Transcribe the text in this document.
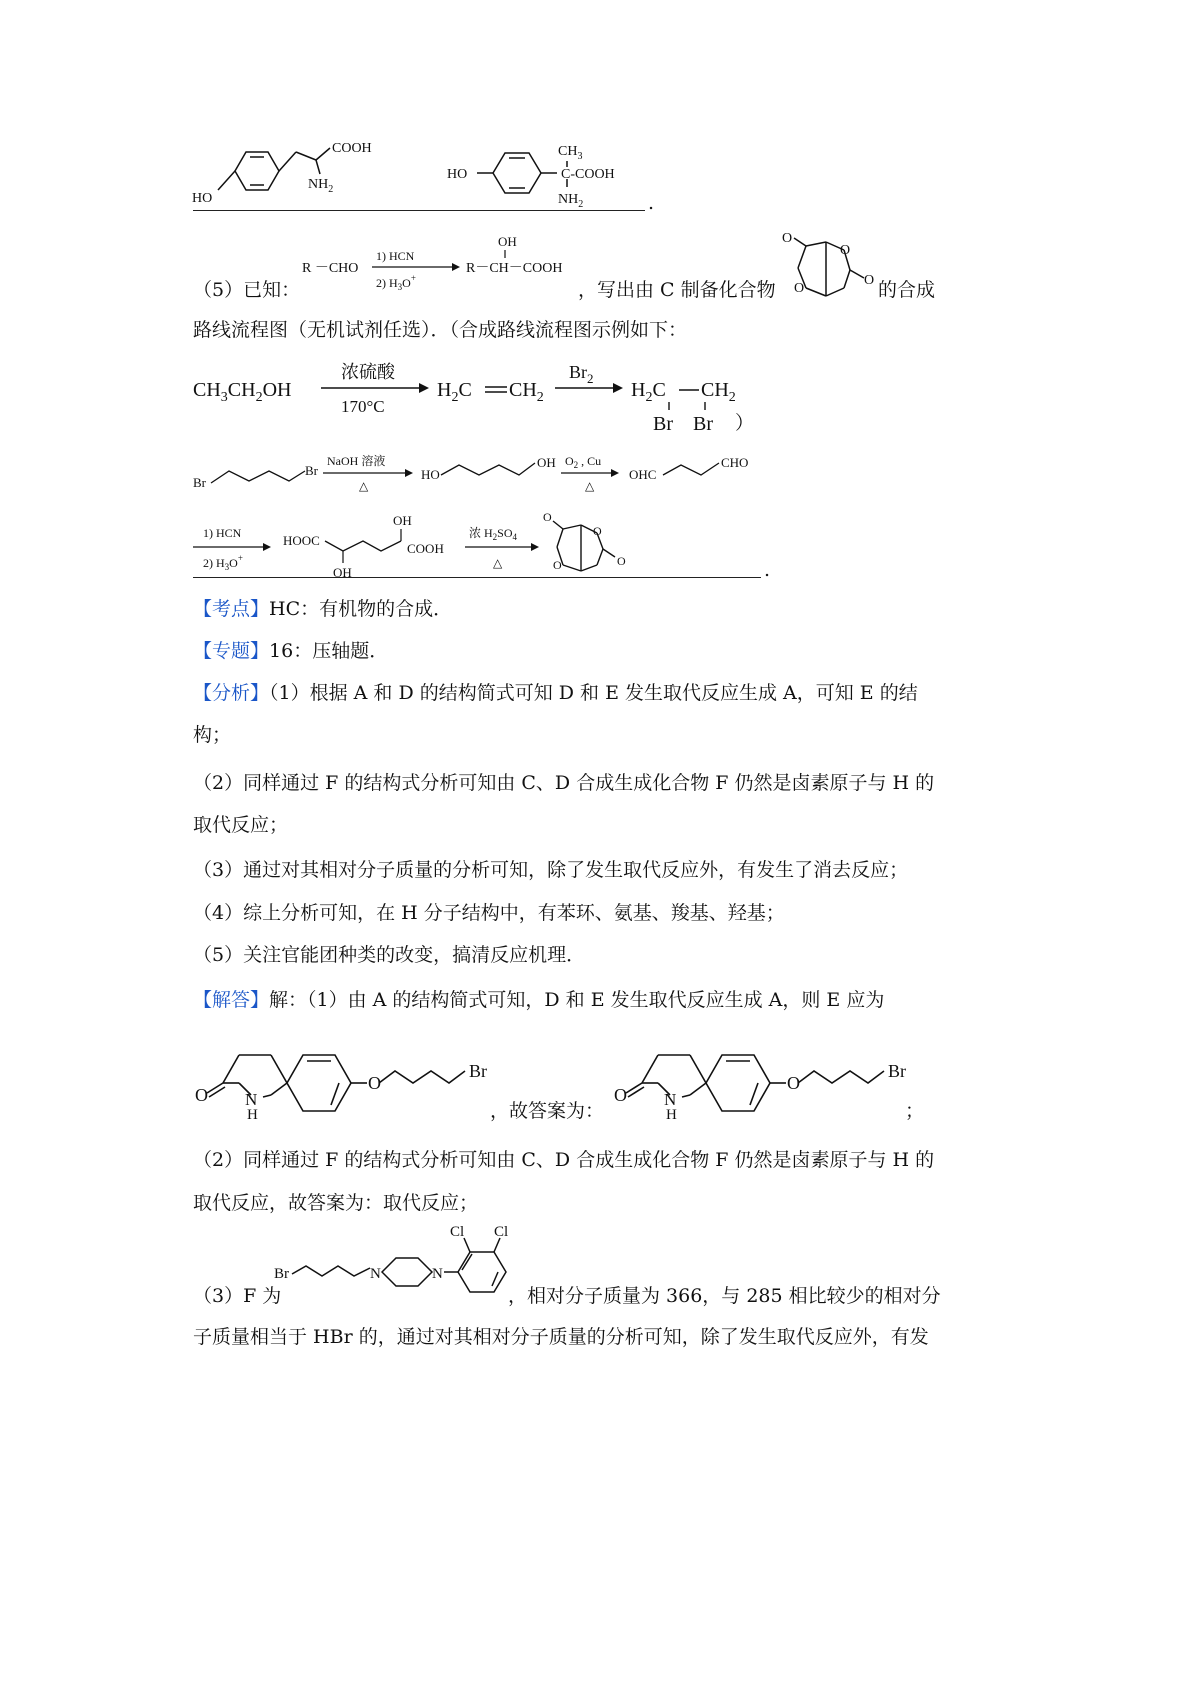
COOH
$NH_2$
HO
HO
$CH_3$
C-COOH
$NH_2$	.
（5）已知：
R －CHO
1) HCN
2) $H_3O^+$
OH
R－CH－COOH
，写出由 C 制备化合物
O
O
O
O 的合成
路线流程图（无机试剂任选）．（合成路线流程图示例如下：
$CH_3CH_2OH$
浓硫酸
170°C
$H_2C$ $CH_2$
$Br_2$
$H_2C$ $CH_2$
Br Br ）
Br
Br
NaOH 溶液
△
HO
OH $O_2$ , Cu
△
OHC
CHO
1) HCN
2) $H_3O^+$
HOOC
OH
COOH
OH
浓 $H_2SO_4$
△
O
O
O	O	.
【考点】HC：有机物的合成．
【专题】16：压轴题．
【分析】（1）根据 A 和 D 的结构简式可知 D 和 E 发生取代反应生成 A，可知 E 的结
构；
（2）同样通过 F 的结构式分析可知由 C、D 合成生成化合物 F 仍然是卤素原子与 H 的
取代反应；
（3）通过对其相对分子质量的分析可知，除了发生取代反应外，有发生了消去反应；
（4）综上分析可知，在 H 分子结构中，有苯环、氨基、羧基、羟基；
（5）关注官能团种类的改变，搞清反应机理．
【解答】解：（1）由 A 的结构简式可知，D 和 E 发生取代反应生成 A，则 E 应为
O N
H
O
Br
，故答案为：
O N
H
O
Br
；
（2）同样通过 F 的结构式分析可知由 C、D 合成生成化合物 F 仍然是卤素原子与 H 的
取代反应，故答案为：取代反应；
（3）F 为
Br	N	N
Cl Cl
，相对分子质量为 366，与 285 相比较少的相对分
子质量相当于 HBr 的，通过对其相对分子质量的分析可知，除了发生取代反应外，有发
